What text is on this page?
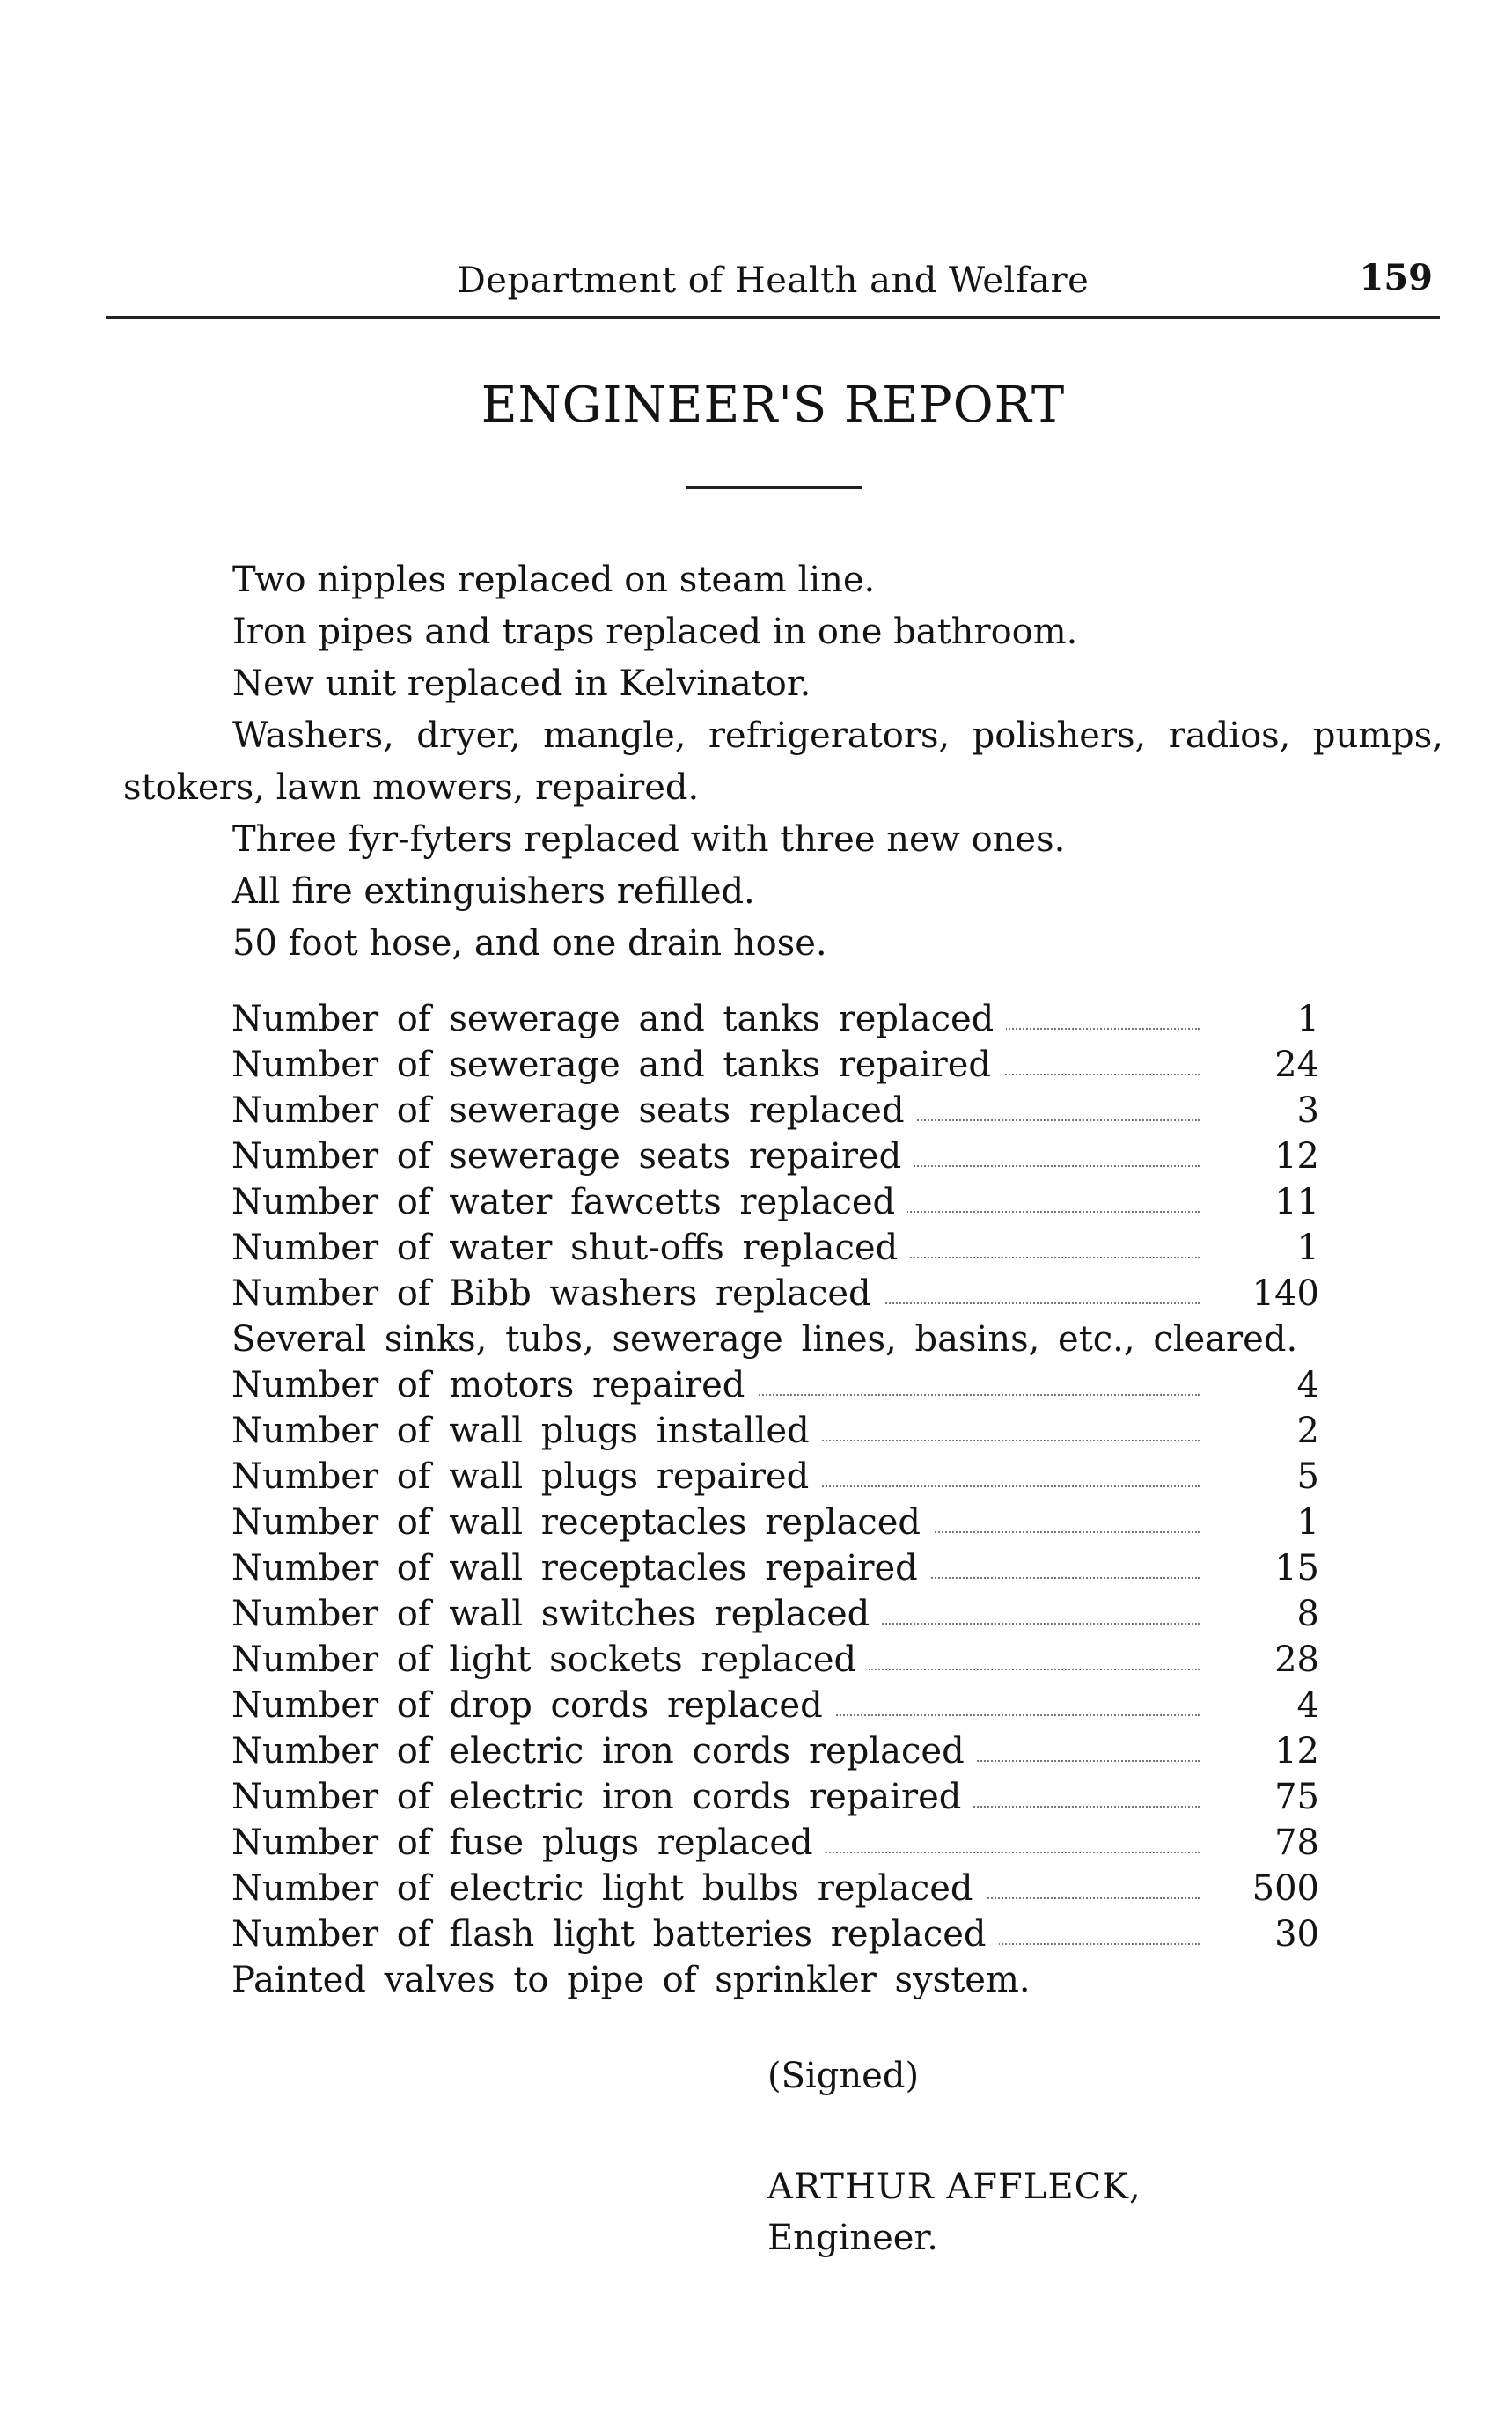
Department of Health and Welfare	159
ENGINEER'S REPORT

Two nipples replaced on steam line.

Iron pipes and traps replaced in one bathroom.

New unit replaced in Kelvinator.

Washers, dryer, mangle, refrigerators, polishers, radios, pumps, stokers, lawn mowers, repaired.

Three fyr-fyters replaced with three new ones.

All fire extinguishers refilled.

50 foot hose, and one drain hose.

Number of sewerage and tanks replaced	1
Number of sewerage and tanks repaired	24
Number of sewerage seats replaced	3
Number of sewerage seats repaired	12
Number of water fawcetts replaced	11
Number of water shut-offs replaced	1
Number of Bibb washers replaced	140
Several sinks, tubs, sewerage lines, basins, etc., cleared.
Number of motors repaired	4
Number of wall plugs installed	2
Number of wall plugs repaired	5
Number of wall receptacles replaced	1
Number of wall receptacles repaired	15
Number of wall switches replaced	8
Number of light sockets replaced	28
Number of drop cords replaced	4
Number of electric iron cords replaced	12
Number of electric iron cords repaired	75
Number of fuse plugs replaced	78
Number of electric light bulbs replaced	500
Number of flash light batteries replaced	30
Painted valves to pipe of sprinkler system.
(Signed)
ARTHUR AFFLECK,
Engineer.
